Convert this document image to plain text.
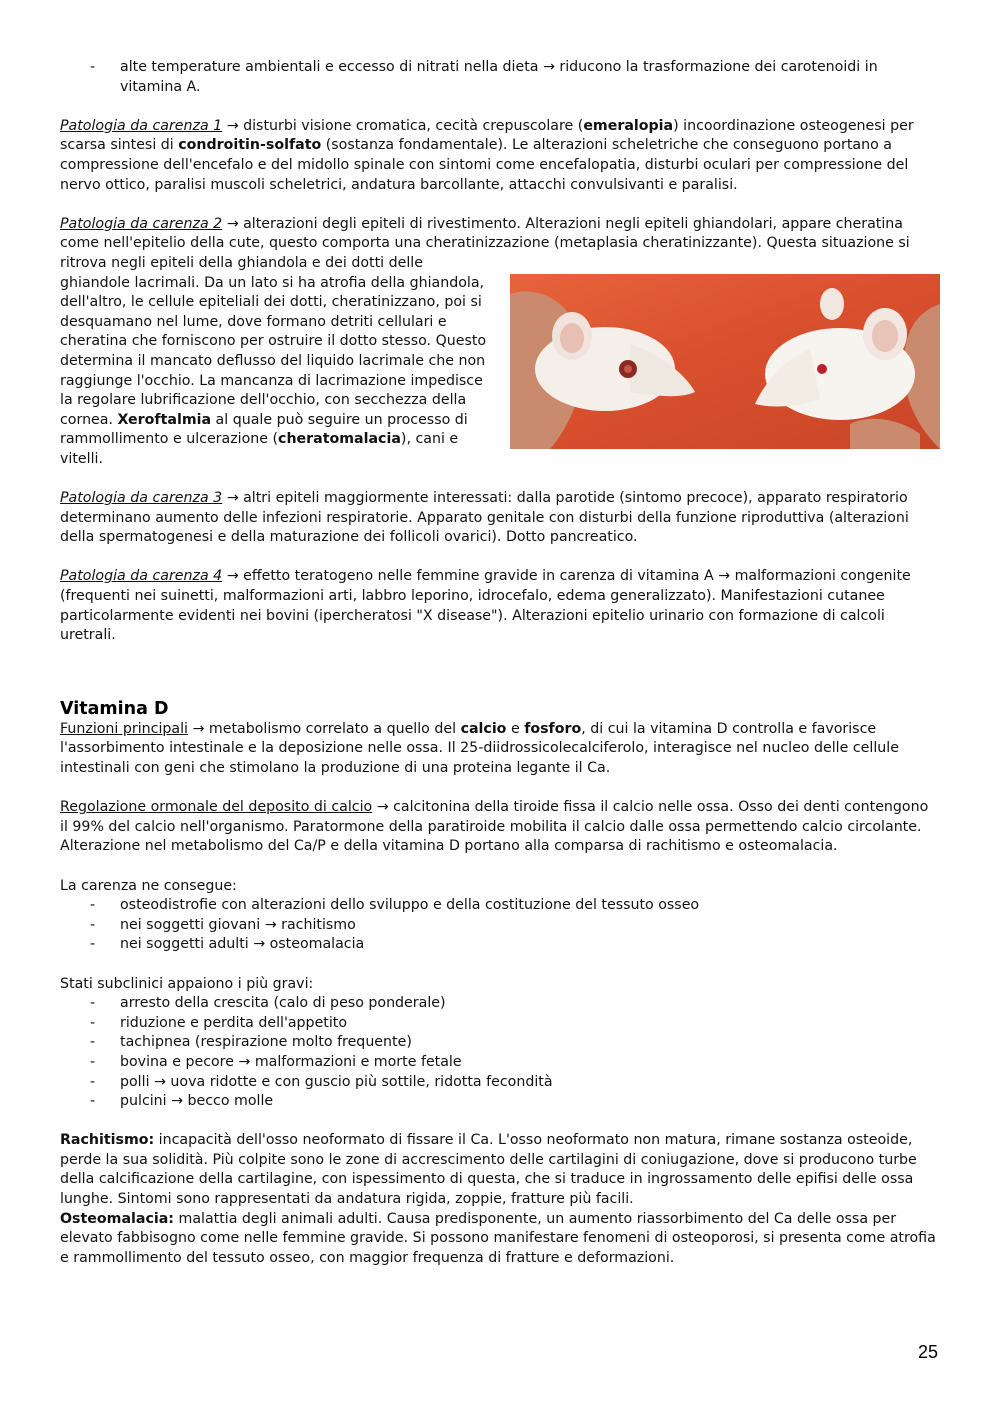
- alte temperature ambientali e eccesso di nitrati nella dieta → riducono la trasformazione dei carotenoidi in vitamina A.

Patologia da carenza 1 → disturbi visione cromatica, cecità crepuscolare (emeralopia) incoordinazione osteogenesi per scarsa sintesi di condroitin-solfato (sostanza fondamentale). Le alterazioni scheletriche che conseguono portano a compressione dell'encefalo e del midollo spinale con sintomi come encefalopatia, disturbi oculari per compressione del nervo ottico, paralisi muscoli scheletrici, andatura barcollante, attacchi convulsivanti e paralisi.

Patologia da carenza 2 → alterazioni degli epiteli di rivestimento. Alterazioni negli epiteli ghiandolari, appare cheratina come nell'epitelio della cute, questo comporta una cheratinizzazione (metaplasia cheratinizzante). Questa situazione si ritrova negli epiteli della ghiandola e dei dotti delle ghiandole lacrimali. Da un lato si ha atrofia della ghiandola, dell'altro, le cellule epiteliali dei dotti, cheratinizzano, poi si desquamano nel lume, dove formano detriti cellulari e cheratina che forniscono per ostruire il dotto stesso. Questo determina il mancato deflusso del liquido lacrimale che non raggiunge l'occhio. La mancanza di lacrimazione impedisce la regolare lubrificazione dell'occhio, con secchezza della cornea. Xeroftalmia al quale può seguire un processo di rammollimento e ulcerazione (cheratomalacia), cani e vitelli.

Patologia da carenza 3 → altri epiteli maggiormente interessati: dalla parotide (sintomo precoce), apparato respiratorio determinano aumento delle infezioni respiratorie. Apparato genitale con disturbi della funzione riproduttiva (alterazioni della spermatogenesi e della maturazione dei follicoli ovarici). Dotto pancreatico.

Patologia da carenza 4 → effetto teratogeno nelle femmine gravide in carenza di vitamina A → malformazioni congenite (frequenti nei suinetti, malformazioni arti, labbro leporino, idrocefalo, edema generalizzato). Manifestazioni cutanee particolarmente evidenti nei bovini (ipercheratosi "X disease"). Alterazioni epitelio urinario con formazione di calcoli uretrali.

Vitamina D

Funzioni principali → metabolismo correlato a quello del calcio e fosforo, di cui la vitamina D controlla e favorisce l'assorbimento intestinale e la deposizione nelle ossa. Il 25-diidrossicolecalciferolo, interagisce nel nucleo delle cellule intestinali con geni che stimolano la produzione di una proteina legante il Ca.

Regolazione ormonale del deposito di calcio → calcitonina della tiroide fissa il calcio nelle ossa. Osso dei denti contengono il 99% del calcio nell'organismo. Paratormone della paratiroide mobilita il calcio dalle ossa permettendo calcio circolante.

Alterazione nel metabolismo del Ca/P e della vitamina D portano alla comparsa di rachitismo e osteomalacia.

La carenza ne consegue:

- osteodistrofie con alterazioni dello sviluppo e della costituzione del tessuto osseo
- nei soggetti giovani → rachitismo
- nei soggetti adulti → osteomalacia

Stati subclinici appaiono i più gravi:

- arresto della crescita (calo di peso ponderale)
- riduzione e perdita dell'appetito
- tachipnea (respirazione molto frequente)
- bovina e pecore → malformazioni e morte fetale
- polli → uova ridotte e con guscio più sottile, ridotta fecondità
- pulcini → becco molle

Rachitismo: incapacità dell'osso neoformato di fissare il Ca. L'osso neoformato non matura, rimane sostanza osteoide, perde la sua solidità. Più colpite sono le zone di accrescimento delle cartilagini di coniugazione, dove si producono turbe della calcificazione della cartilagine, con ispessimento di questa, che si traduce in ingrossamento delle epifisi delle ossa lunghe. Sintomi sono rappresentati da andatura rigida, zoppie, fratture più facili.

Osteomalacia: malattia degli animali adulti. Causa predisponente, un aumento riassorbimento del Ca delle ossa per elevato fabbisogno come nelle femmine gravide. Si possono manifestare fenomeni di osteoporosi, si presenta come atrofia e rammollimento del tessuto osseo, con maggior frequenza di fratture e deformazioni.

25
